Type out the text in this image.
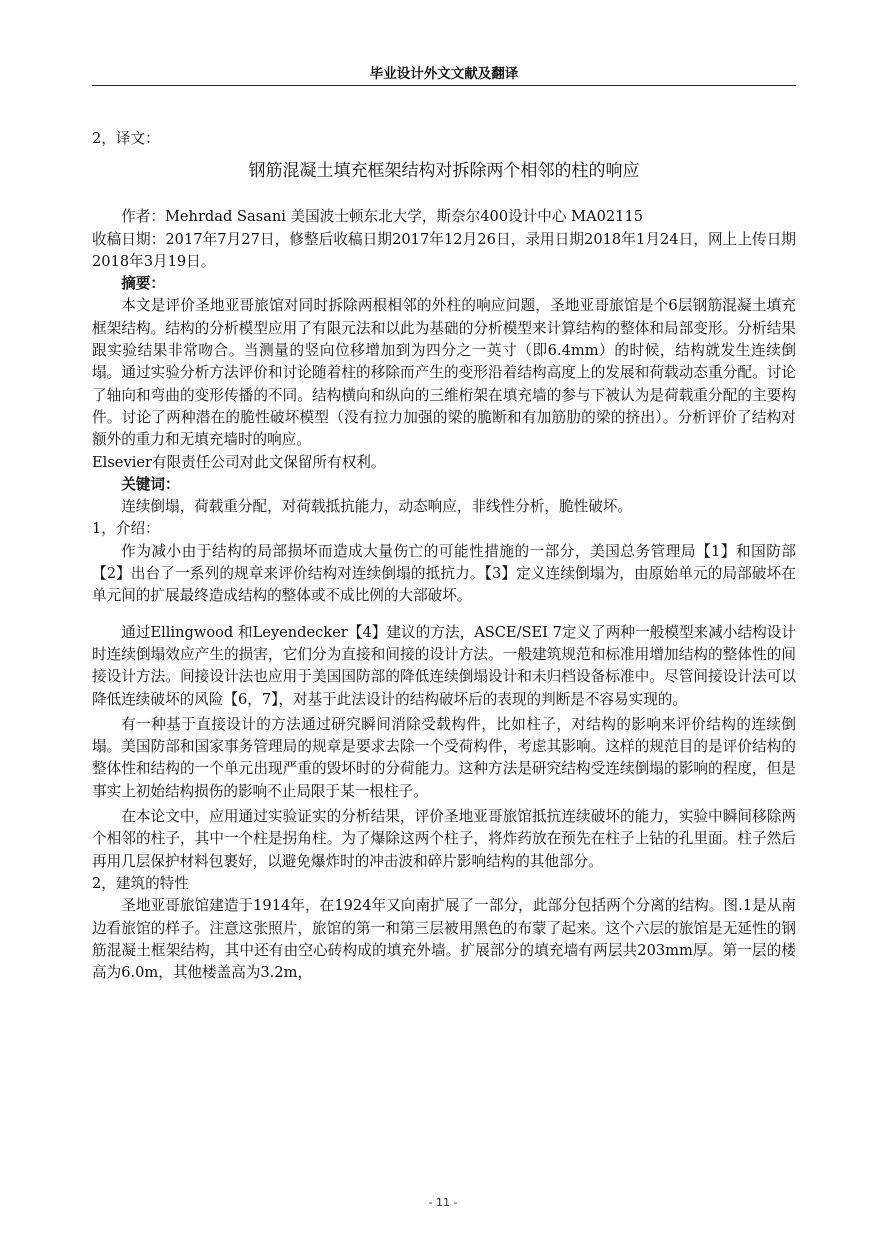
毕业设计外文文献及翻译

2，译文：

钢筋混凝土填充框架结构对拆除两个相邻的柱的响应

作者：Mehrdad Sasani 美国波士顿东北大学，斯奈尔400设计中心 MA02115

收稿日期：2017年7月27日，修整后收稿日期2017年12月26日，录用日期2018年1月24日，网上上传日期2018年3月19日。

摘要：

本文是评价圣地亚哥旅馆对同时拆除两根相邻的外柱的响应问题，圣地亚哥旅馆是个6层钢筋混凝土填充框架结构。结构的分析模型应用了有限元法和以此为基础的分析模型来计算结构的整体和局部变形。分析结果跟实验结果非常吻合。当测量的竖向位移增加到为四分之一英寸（即6.4mm）的时候，结构就发生连续倒塌。通过实验分析方法评价和讨论随着柱的移除而产生的变形沿着结构高度上的发展和荷载动态重分配。讨论了轴向和弯曲的变形传播的不同。结构横向和纵向的三维桁架在填充墙的参与下被认为是荷载重分配的主要构件。讨论了两种潜在的脆性破坏模型（没有拉力加强的梁的脆断和有加筋肋的梁的挤出）。分析评价了结构对额外的重力和无填充墙时的响应。

Elsevier有限责任公司对此文保留所有权利。

关键词：

连续倒塌，荷载重分配，对荷载抵抗能力，动态响应，非线性分析，脆性破坏。

1，介绍：

作为减小由于结构的局部损坏而造成大量伤亡的可能性措施的一部分，美国总务管理局【1】和国防部【2】出台了一系列的规章来评价结构对连续倒塌的抵抗力。【3】定义连续倒塌为，由原始单元的局部破坏在单元间的扩展最终造成结构的整体或不成比例的大部破坏。

通过Ellingwood 和Leyendecker【4】建议的方法，ASCE/SEI 7定义了两种一般模型来减小结构设计时连续倒塌效应产生的损害，它们分为直接和间接的设计方法。一般建筑规范和标准用增加结构的整体性的间接设计方法。间接设计法也应用于美国国防部的降低连续倒塌设计和未归档设备标准中。尽管间接设计法可以降低连续破坏的风险【6，7】，对基于此法设计的结构破坏后的表现的判断是不容易实现的。

有一种基于直接设计的方法通过研究瞬间消除受载构件，比如柱子，对结构的影响来评价结构的连续倒塌。美国防部和国家事务管理局的规章是要求去除一个受荷构件，考虑其影响。这样的规范目的是评价结构的整体性和结构的一个单元出现严重的毁坏时的分荷能力。这种方法是研究结构受连续倒塌的影响的程度，但是事实上初始结构损伤的影响不止局限于某一根柱子。

在本论文中，应用通过实验证实的分析结果，评价圣地亚哥旅馆抵抗连续破坏的能力，实验中瞬间移除两个相邻的柱子，其中一个柱是拐角柱。为了爆除这两个柱子，将炸药放在预先在柱子上钻的孔里面。柱子然后再用几层保护材料包裹好，以避免爆炸时的冲击波和碎片影响结构的其他部分。

2，建筑的特性

圣地亚哥旅馆建造于1914年，在1924年又向南扩展了一部分，此部分包括两个分离的结构。图.1是从南边看旅馆的样子。注意这张照片，旅馆的第一和第三层被用黑色的布蒙了起来。这个六层的旅馆是无延性的钢筋混凝土框架结构，其中还有由空心砖构成的填充外墙。扩展部分的填充墙有两层共203mm厚。第一层的楼高为6.0m，其他楼盖高为3.2m，

- 11 -
